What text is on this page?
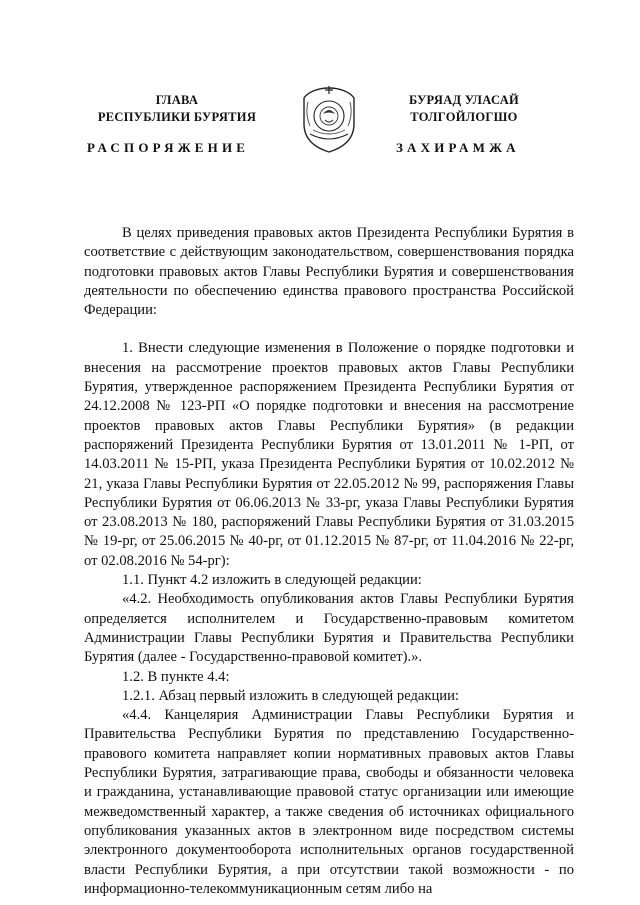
ГЛАВА
РЕСПУБЛИКИ БУРЯТИЯ
БУРЯАД УЛАСАЙ
ТОЛГОЙЛОГШО
РАСПОРЯЖЕНИЕ	ЗАХИРАМЖА

В целях приведения правовых актов Президента Республики Бурятия в соответствие с действующим законодательством, совершенствования порядка подготовки правовых актов Главы Республики Бурятия и совершенствования деятельности по обеспечению единства правового пространства Российской Федерации:

1. Внести следующие изменения в Положение о порядке подготовки и внесения на рассмотрение проектов правовых актов Главы Республики Бурятия, утвержденное распоряжением Президента Республики Бурятия от 24.12.2008 № 123-РП «О порядке подготовки и внесения на рассмотрение проектов правовых актов Главы Республики Бурятия» (в редакции распоряжений Президента Республики Бурятия от 13.01.2011 № 1-РП, от 14.03.2011 № 15-РП, указа Президента Республики Бурятия от 10.02.2012 № 21, указа Главы Республики Бурятия от 22.05.2012 № 99, распоряжения Главы Республики Бурятия от 06.06.2013 № 33-рг, указа Главы Республики Бурятия от 23.08.2013 № 180, распоряжений Главы Республики Бурятия от 31.03.2015 № 19-рг, от 25.06.2015 № 40-рг, от 01.12.2015 № 87-рг, от 11.04.2016 № 22-рг, от 02.08.2016 № 54-рг):

1.1. Пункт 4.2 изложить в следующей редакции:

«4.2. Необходимость опубликования актов Главы Республики Бурятия определяется исполнителем и Государственно-правовым комитетом Администрации Главы Республики Бурятия и Правительства Республики Бурятия (далее - Государственно-правовой комитет).».

1.2. В пункте 4.4:

1.2.1. Абзац первый изложить в следующей редакции:

«4.4. Канцелярия Администрации Главы Республики Бурятия и Правительства Республики Бурятия по представлению Государственно-правового комитета направляет копии нормативных правовых актов Главы Республики Бурятия, затрагивающие права, свободы и обязанности человека и гражданина, устанавливающие правовой статус организации или имеющие межведомственный характер, а также сведения об источниках официального опубликования указанных актов в электронном виде посредством системы электронного документооборота исполнительных органов государственной власти Республики Бурятия, а при отсутствии такой возможности - по информационно-телекоммуникационным сетям либо на
